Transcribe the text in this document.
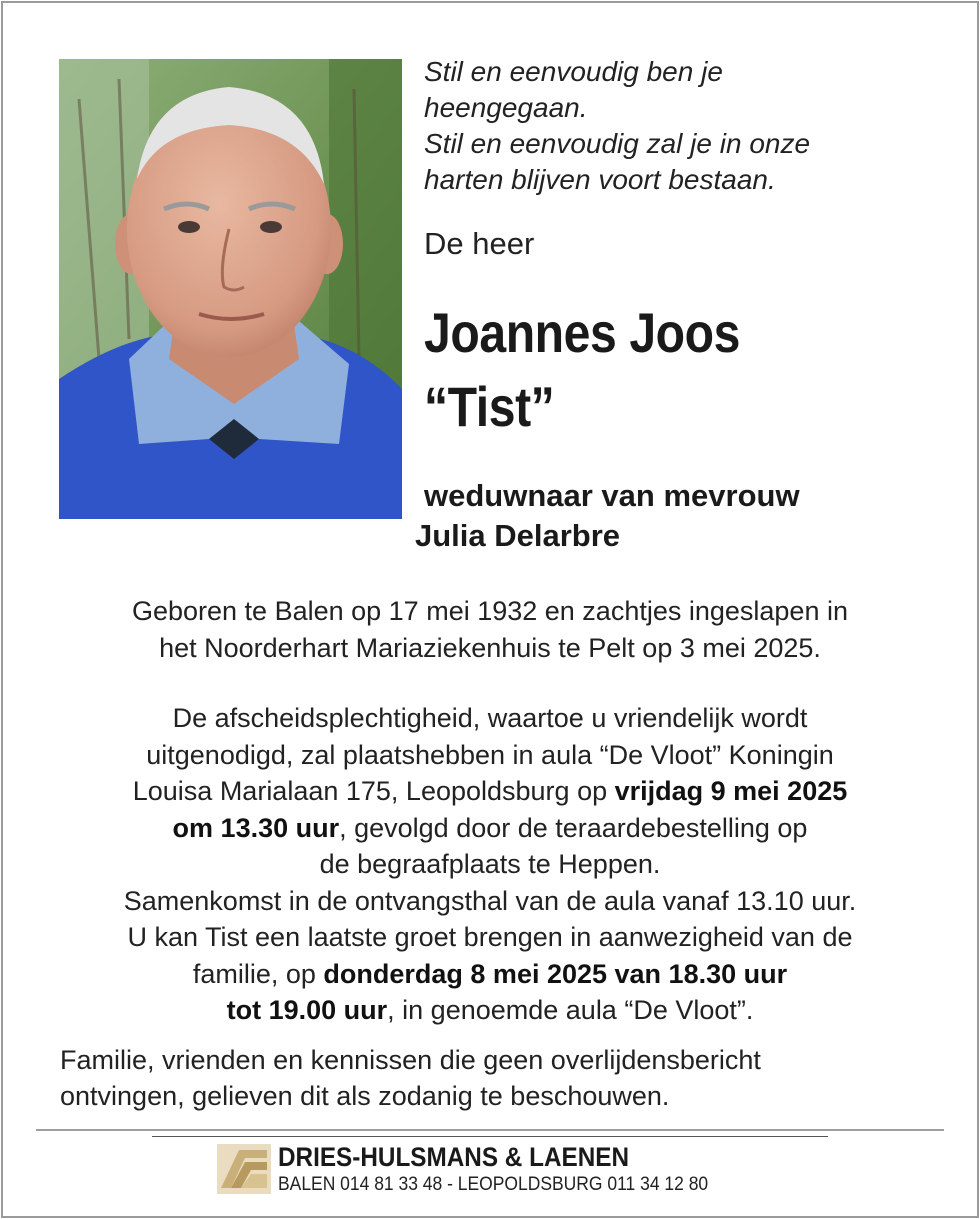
Stil en eenvoudig ben je
heengegaan.
Stil en eenvoudig zal je in onze
harten blijven voort bestaan.
De heer
Joannes Joos
“Tist”
weduwnaar van mevrouw
Julia Delarbre
Geboren te Balen op 17 mei 1932 en zachtjes ingeslapen in
het Noorderhart Mariaziekenhuis te Pelt op 3 mei 2025.
De afscheidsplechtigheid, waartoe u vriendelijk wordt
uitgenodigd, zal plaatshebben in aula “De Vloot” Koningin
Louisa Marialaan 175, Leopoldsburg op vrijdag 9 mei 2025
om 13.30 uur, gevolgd door de teraardebestelling op
de begraafplaats te Heppen.
Samenkomst in de ontvangsthal van de aula vanaf 13.10 uur.
U kan Tist een laatste groet brengen in aanwezigheid van de
familie, op donderdag 8 mei 2025 van 18.30 uur
tot 19.00 uur, in genoemde aula “De Vloot”.
Familie, vrienden en kennissen die geen overlijdensbericht
ontvingen, gelieven dit als zodanig te beschouwen.
DRIES-HULSMANS & LAENEN
BALEN 014 81 33 48 - LEOPOLDSBURG 011 34 12 80
